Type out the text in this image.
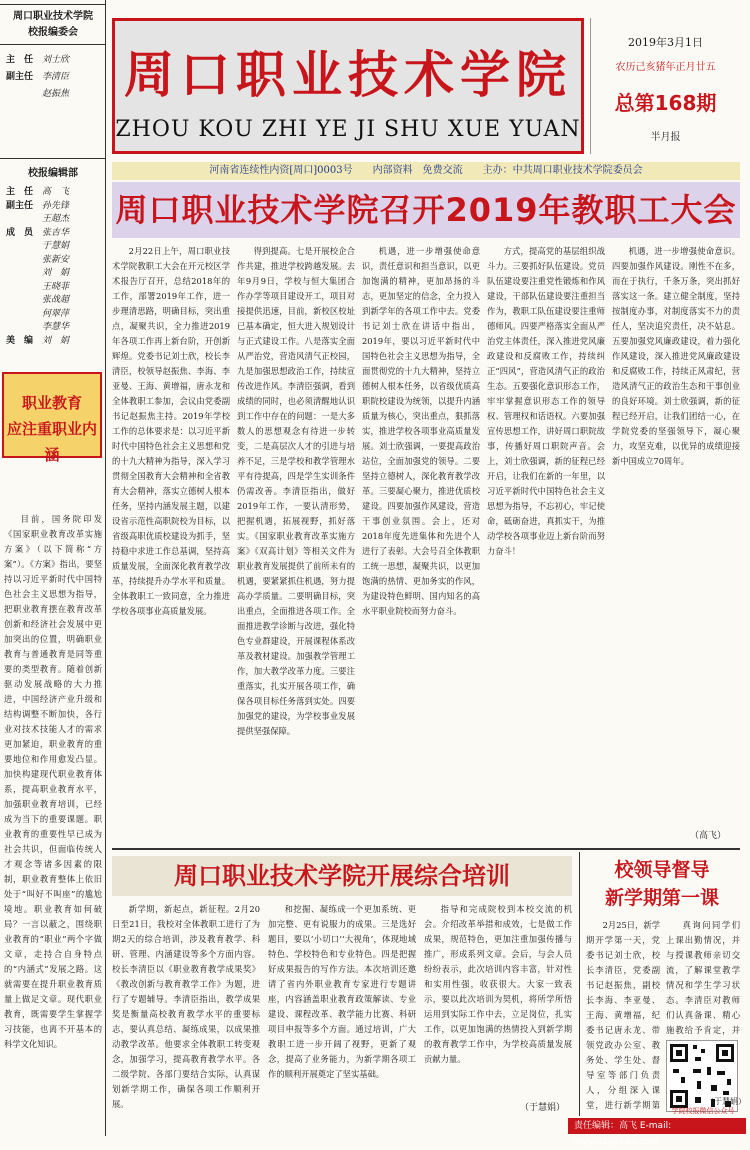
周口职业技术学院
校报编委会
主　任 刘士欣
副主任 李清臣
赵振焦
校报编辑部
主　任 高　飞
副主任 孙先锋
王超杰
成　员 张吉华
于慧娟
张新安
刘　娟
王晓菲
张战超
何翠萍
李慧华
美　编 刘　娟
职业教育
应注重职业内涵
目前，国务院印发《国家职业教育改革实施方案》（以下简称“方案”）。《方案》指出，要坚持以习近平新时代中国特色社会主义思想为指导，把职业教育摆在教育改革创新和经济社会发展中更加突出的位置，明确职业教育与普通教育是同等重要的类型教育。随着创新驱动发展战略的大力推进，中国经济产业升级和结构调整不断加快，各行业对技术技能人才的需求更加紧迫，职业教育的重要地位和作用愈发凸显。加快构建现代职业教育体系，提高职业教育水平，加强职业教育培训，已经成为当下的重要课题。职业教育的重要性早已成为社会共识，但面临传统人才观念等诸多因素的限制，职业教育整体上依旧处于“叫好不叫座”的尴尬境地。职业教育如何破局？一言以蔽之，围绕职业教育的“职业”两个字做文章，走持合自身特点的“内涵式”发展之路。这就需要在提升职业教育质量上做足文章。现代职业教育，既需要学生掌握学习技能，也离不开基本的科学文化知识。
周口职业技术学院
ZHOU KOU ZHI YE JI SHU XUE YUAN
2019年3月1日
农历己亥猪年正月廿五
总第168期
半月报
河南省连续性内资[周口]0003号　　内部资料　免费交流　　主办：中共周口职业技术学院委员会
周口职业技术学院召开2019年教职工大会
2月22日上午，周口职业技术学院教职工大会在开元校区学术报告厅召开，总结2018年的工作，部署2019年工作，进一步理清思路，明确目标，突出重点，凝聚共识，全力推进2019年各项工作再上新台阶，开创新辉煌。党委书记刘士欣，校长李清臣，校领导赵振焦、李海、李亚曼、王海、黄增福，唐永龙和全体教职工参加，会议由党委副书记赵振焦主持。2019年学校工作的总体要求是：以习近平新时代中国特色社会主义思想和党的十九大精神为指导，深入学习贯彻全国教育大会精神和全省教育大会精神，落实立德树人根本任务，坚持内涵发展主题，以建设省示范性高职院校为目标，以省级高职优质校建设为抓手，坚持稳中求进工作总基调，坚持高质量发展，全面深化教育教学改革，持续提升办学水平和质量。全体教职工一致同意，全力推进学校各项事业高质量发展。
得到提高。七是开展校企合作共建，推进学校跨越发展。去年9月9日，学校与恒大集团合作办学等项目建设开工，项目对接提供迅速，目前，新校区校址已基本确定，恒大进入规划设计与正式建设工作。八是落实全面从严治党，营造风清气正校园，九是加强思想政治工作，持续宣传改进作风。李清臣强调，看到成绩的同时，也必须清醒地认识到工作中存在的问题：一是大多数人的思想观念有待进一步转变，二是高层次人才的引进与培养不足，三是学校和教学管理水平有待提高，四是学生实训条件仍需改善。李清臣指出，做好2019年工作，一要认清形势，把握机遇，拓展视野，抓好落实。《国家职业教育改革实施方案》《双高计划》等相关文件为职业教育发展提供了前所未有的机遇，要紧紧抓住机遇，努力提高办学质量。二要明确目标，突出重点，全面推进各项工作。全面推进教学诊断与改进，强化特色专业群建设，开展课程体系改革及教材建设。加强教学管理工作，加大教学改革力度。三要注重落实，扎实开展各项工作，确保各项目标任务落到实处。四要加强党的建设，为学校事业发展提供坚强保障。
机遇，进一步增强使命意识，责任意识和担当意识，以更加饱满的精神，更加昂扬的斗志，更加坚定的信念，全力投入到新学年的各项工作中去。党委书记刘士欣在讲话中指出，2019年，要以习近平新时代中国特色社会主义思想为指导，全面贯彻党的十九大精神，坚持立德树人根本任务，以省级优质高职院校建设为统领，以提升内涵质量为核心，突出重点，狠抓落实，推进学校各项事业高质量发展。刘士欣强调，一要提高政治站位，全面加强党的领导。二要坚持立德树人，深化教育教学改革。三要凝心聚力，推进优质校建设。四要加强作风建设，营造干事创业氛围。会上，还对2018年度先进集体和先进个人进行了表彰。大会号召全体教职工统一思想，凝聚共识，以更加饱满的热情、更加务实的作风，为建设特色鲜明、国内知名的高水平职业院校而努力奋斗。
方式，提高党的基层组织战斗力。三要抓好队伍建设。党员队伍建设要注重党性锻炼和作风建设，干部队伍建设要注重担当作为，教职工队伍建设要注重师德师风。四要严格落实全面从严治党主体责任，深入推进党风廉政建设和反腐败工作，持续纠正“四风”，营造风清气正的政治生态。五要强化意识形态工作，牢牢掌握意识形态工作的领导权、管理权和话语权。六要加强宣传思想工作，讲好周口职院故事，传播好周口职院声音。会上，刘士欣强调，新的征程已经开启，让我们在新的一年里，以习近平新时代中国特色社会主义思想为指导，不忘初心，牢记使命，砥砺奋进，真抓实干，为推动学校各项事业迈上新台阶而努力奋斗！
机遇，进一步增强使命意识。四要加强作风建设。刚性不在多，而在于执行，千条万条，突出抓好落实这一条。建立健全制度，坚持按制度办事，对制度落实不力的责任人，坚决追究责任，决不姑息。五要加强党风廉政建设，着力强化作风建设，深入推进党风廉政建设和反腐败工作，持续正风肃纪，营造风清气正的政治生态和干事创业的良好环境。刘士欣强调，新的征程已经开启，让我们团结一心，在学院党委的坚强领导下，凝心聚力，攻坚克难，以优异的成绩迎接新中国成立70周年。
（高飞）
周口职业技术学院开展综合培训
新学期，新起点，新征程。2月20日至21日，我校对全体教职工进行了为期2天的综合培训，涉及教育教学、科研、管理、内涵建设等多个方面内容。校长李清臣以《职业教育教学成果奖》《教改创新与教育教学工作》为题，进行了专题辅导。李清臣指出，教学成果奖是衡量高校教育教学水平的重要标志，要认真总结、凝练成果，以成果推动教学改革。他要求全体教职工转变观念，加强学习，提高教育教学水平。各二级学院、各部门要结合实际，认真谋划新学期工作，确保各项工作顺利开展。
和挖掘、凝练成一个更加系统、更加完整、更有说服力的成果。三是选好题目，要以‘小切口’‘大视角’，体现地域特色、学校特色和专业特色。四是把握好成果报告的写作方法。本次培训还邀请了省内外职业教育专家进行专题讲座，内容涵盖职业教育政策解读、专业建设、课程改革、教学能力比赛、科研项目申报等多个方面。通过培训，广大教职工进一步开阔了视野，更新了观念，提高了业务能力，为新学期各项工作的顺利开展奠定了坚实基础。
指导和完成院校到本校交流的机会。介绍改革举措和成效，七是做工作成果，规范特色，更加注重加强传播与推广，形成系列文章。会后，与会人员纷纷表示，此次培训内容丰富，针对性和实用性强，收获很大。大家一致表示，要以此次培训为契机，将所学所悟运用到实际工作中去，立足岗位，扎实工作，以更加饱满的热情投入到新学期的教育教学工作中，为学校高质量发展贡献力量。
（于慧娟）
校领导督导
新学期第一课
2月25日，新学期开学第一天，党委书记刘士欣，校长李清臣，党委副书记赵振焦，副校长李海、李亚曼、王海、黄增福，纪委书记唐永龙、带领党政办公室、教务处、学生处、督导室等部门负责人，分组深入课堂，进行新学期第
真询问同学们上课出勤情况，并与授课教师亲切交流，了解课堂教学情况和学生学习状态。李清臣对教师们认真备课、精心施教给予肯定，并
学院校报微信公众号
（于慧娟）
责任编辑：高飞 E-mail: zkzyxcb@163.com
